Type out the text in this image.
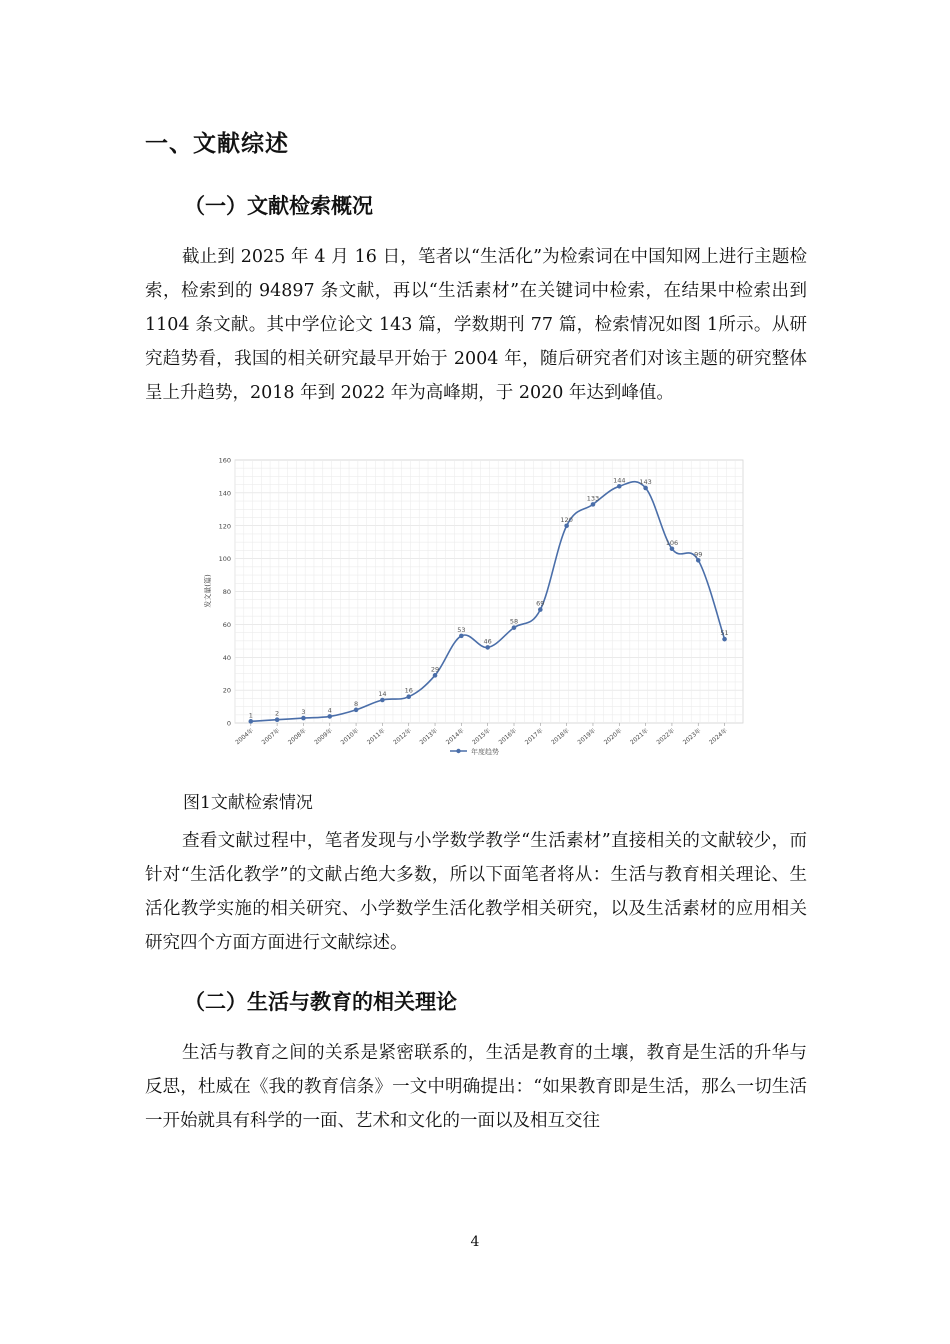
一、文献综述
（一）文献检索概况

截止到 2025 年 4 月 16 日，笔者以“生活化”为检索词在中国知网上进行主题检索，检索到的 94897 条文献，再以“生活素材”在关键词中检索，在结果中检索出到 1104 条文献。其中学位论文 143 篇，学数期刊 77 篇，检索情况如图 1所示。从研究趋势看，我国的相关研究最早开始于 2004 年，随后研究者们对该主题的研究整体呈上升趋势，2018 年到 2022 年为高峰期，于 2020 年达到峰值。

0
20
40
60
80
100
120
140
160
2004年 2007年 2008年 2009年 2010年 2011年 2012年 2013年 2014年 2015年 2016年 2017年 2018年 2019年 2020年 2021年 2022年 2023年 2024年
1	2	3	4
8
14	16
29
53
46
58
69
120
133
144 143
106
99
51
发文量(篇)
年度趋势
图1文献检索情况

查看文献过程中，笔者发现与小学数学教学“生活素材”直接相关的文献较少，而针对“生活化教学”的文献占绝大多数，所以下面笔者将从：生活与教育相关理论、生活化教学实施的相关研究、小学数学生活化教学相关研究，以及生活素材的应用相关研究四个方面方面进行文献综述。

（二）生活与教育的相关理论

生活与教育之间的关系是紧密联系的，生活是教育的土壤，教育是生活的升华与反思，杜威在《我的教育信条》一文中明确提出：“如果教育即是生活，那么一切生活一开始就具有科学的一面、艺术和文化的一面以及相互交往

4
